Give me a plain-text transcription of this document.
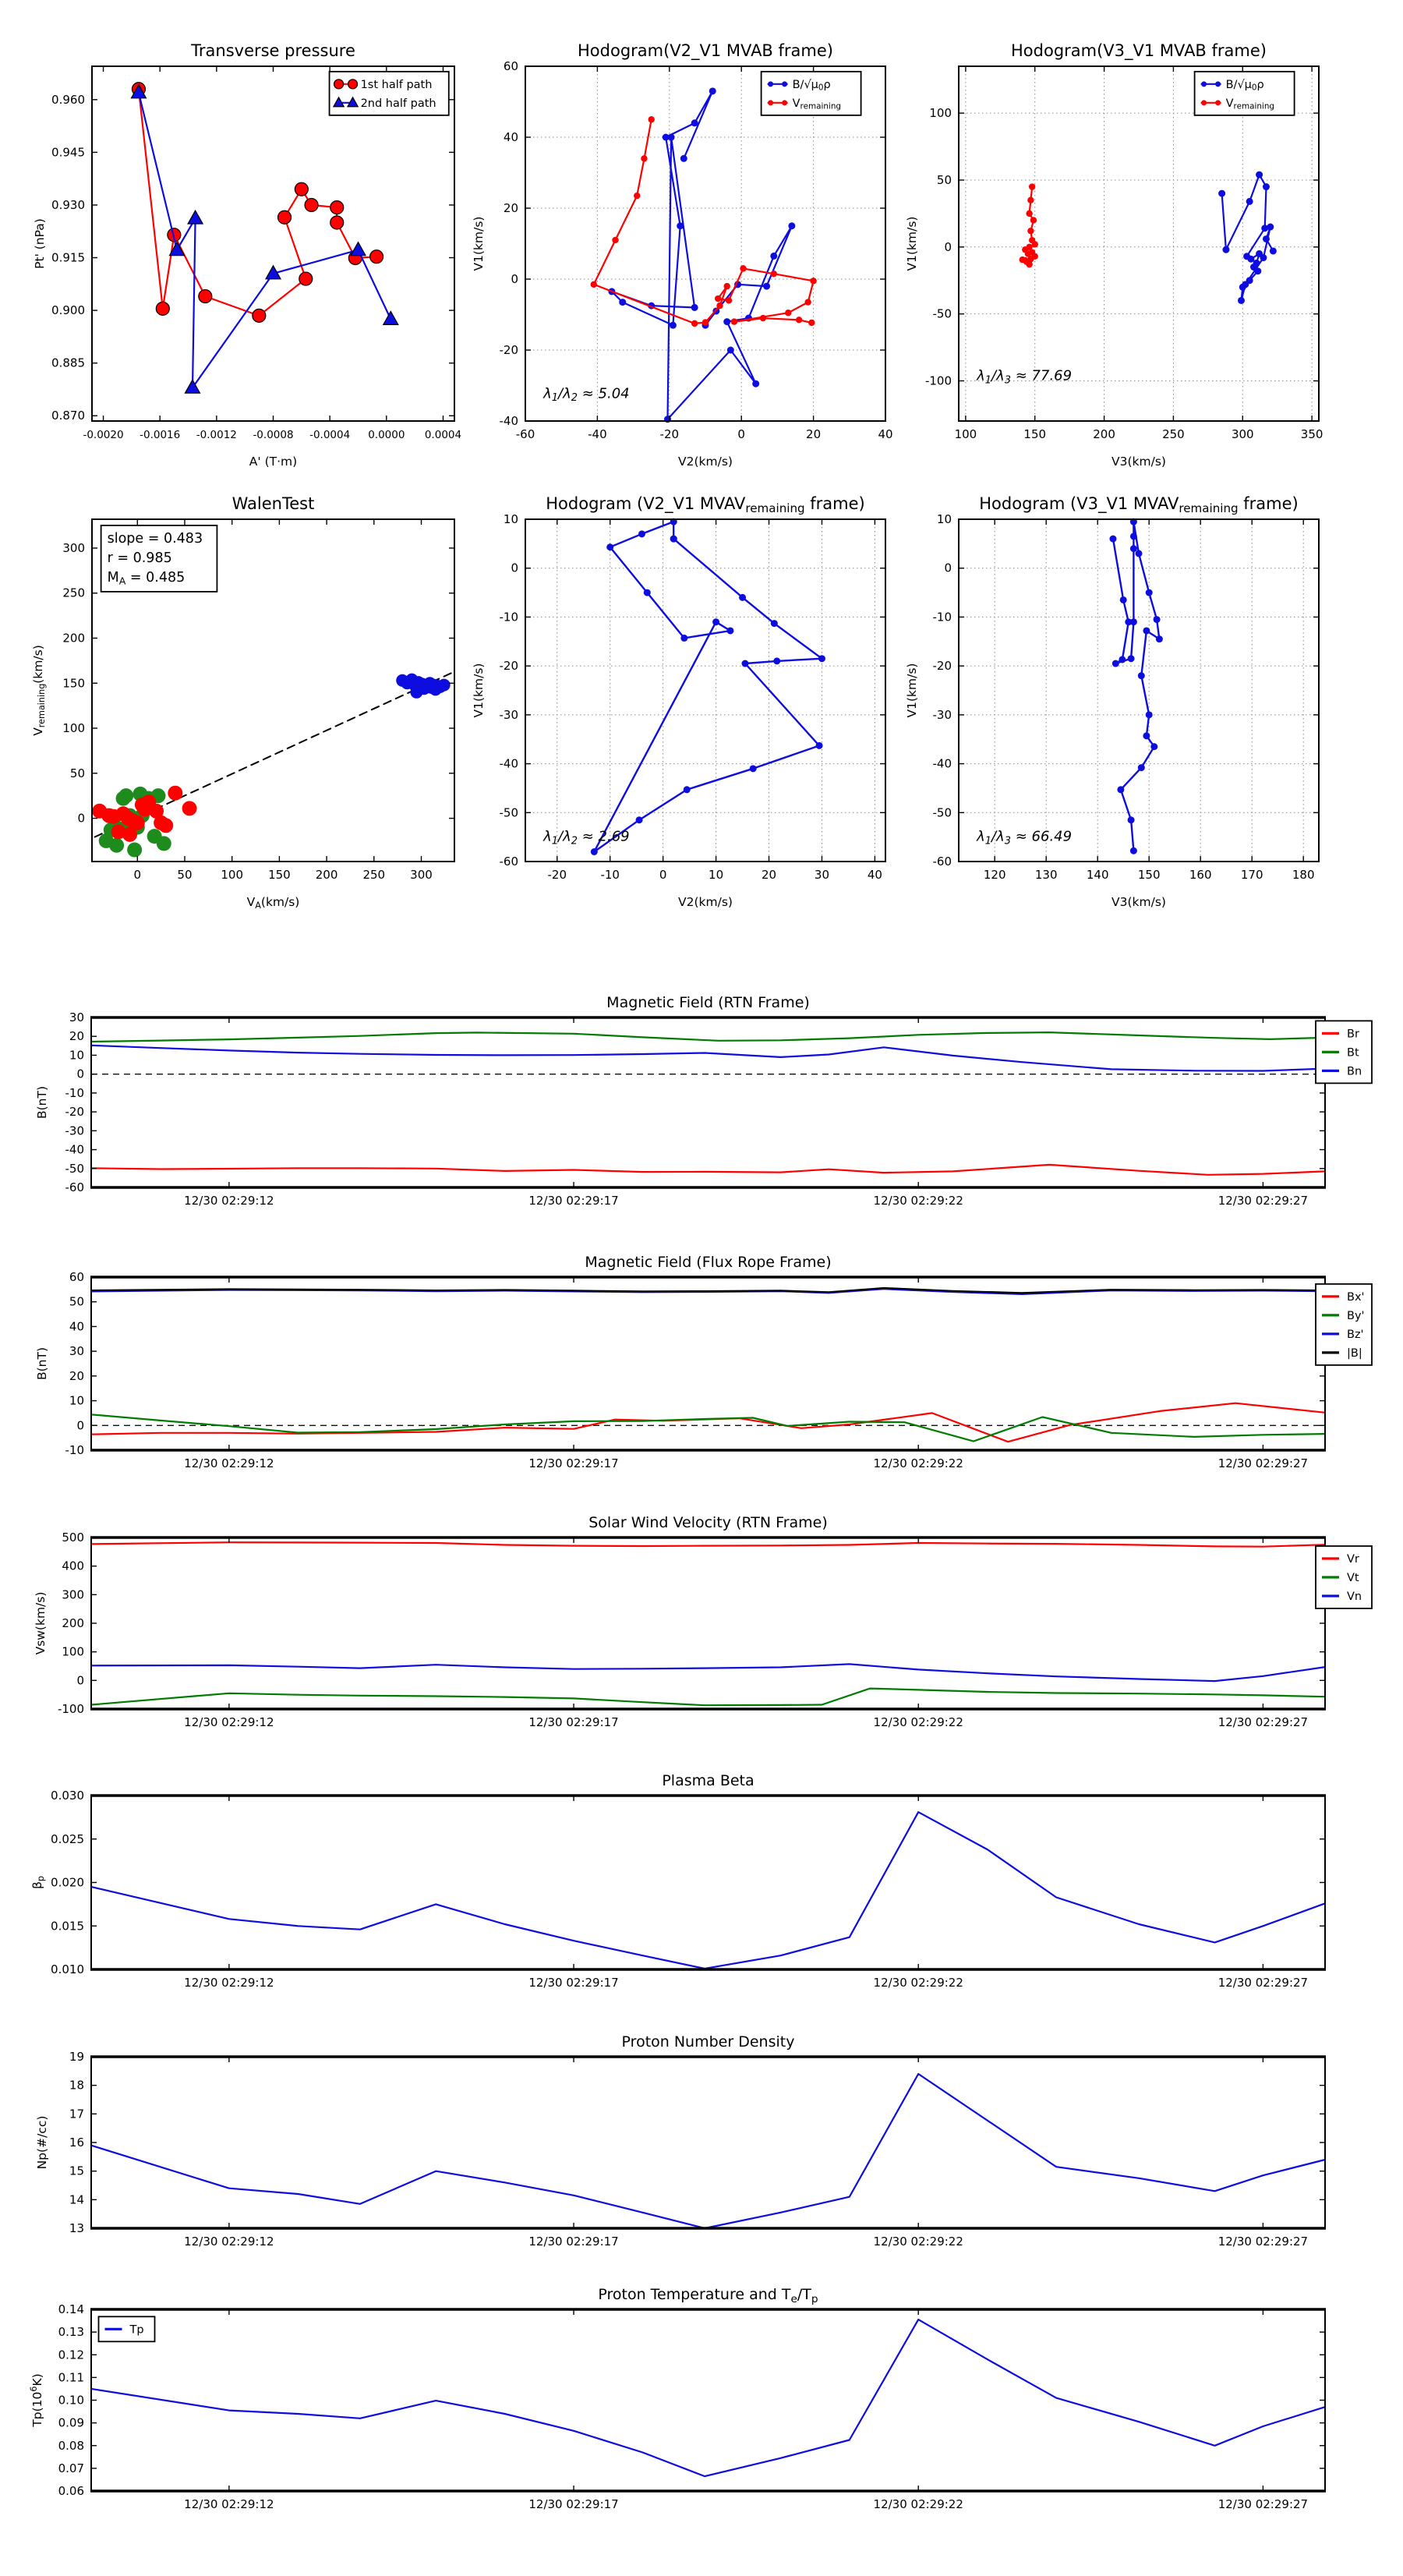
-0.0020 -0.0016 -0.0012 -0.0008 -0.0004 0.0000 0.0004
0.870
0.885
0.900
0.915
0.930
0.945
0.960
Transverse pressure
A' (T·m)
Pt' (nPa)
1st half path
2nd half path
-60	-40	-20	0	20	40
60
40
20
0
-20
-40
Hodogram(V2_V1 MVAB frame)
V2(km/s)
V1(km/s)
$\lambda_1/\lambda_2 \approx 5.04$
B/√μ0ρ
Vremaining
100	150	200	250	300	350
100
50
0
-50
-100
Hodogram(V3_V1 MVAB frame)
V3(km/s)
V1(km/s)
$\lambda_1/\lambda_3 \approx 77.69$
B/√μ0ρ
Vremaining
0	50 100 150 200 250 300
0
50
100
150
200
250
300
WalenTest
$V_A(km/s)$
$V_{remaining}(km/s)$
slope = 0.483
r = 0.985
$M_A = 0.485$
-20	-10	0	10	20	30	40
10
0
-10
-20
-30
-40
-50
-60
Hodogram (V2_V1 $MVAV_{remaining}$ frame)
V2(km/s)
V1(km/s)
$\lambda_1/\lambda_2 \approx 2.69$
120 130 140 150 160 170 180
10
0
-10
-20
-30
-40
-50
-60
Hodogram (V3_V1 $MVAV_{remaining}$ frame)
V3(km/s)
V1(km/s)
$\lambda_1/\lambda_3 \approx 66.49$
12/30 02:29:12	12/30 02:29:17	12/30 02:29:22	12/30 02:29:27
30
20
10
0
-10
-20
-30
-40
-50
-60
Magnetic Field (RTN Frame)
B(nT)
Br
Bt
Bn
12/30 02:29:12	12/30 02:29:17	12/30 02:29:22	12/30 02:29:27
60
50
40
30
20
10
0
-10
Magnetic Field (Flux Rope Frame)
B(nT)
Bx'
By'
Bz'
|B|
12/30 02:29:12	12/30 02:29:17	12/30 02:29:22	12/30 02:29:27
500
400
300
200
100
0
-100
Solar Wind Velocity (RTN Frame)
Vsw(km/s)
Vr
Vt
Vn
12/30 02:29:12	12/30 02:29:17	12/30 02:29:22	12/30 02:29:27
0.030
0.025
0.020
0.015
0.010
Plasma Beta
$\beta_p$
12/30 02:29:12	12/30 02:29:17	12/30 02:29:22	12/30 02:29:27
19
18
17
16
15
14
13
Proton Number Density
Np(#/cc)
12/30 02:29:12	12/30 02:29:17	12/30 02:29:22	12/30 02:29:27
0.14
0.13
0.12
0.11
0.10
0.09
0.08
0.07
0.06
Proton Temperature and Te/Tp
$Tp(10^6K)$
Tp
